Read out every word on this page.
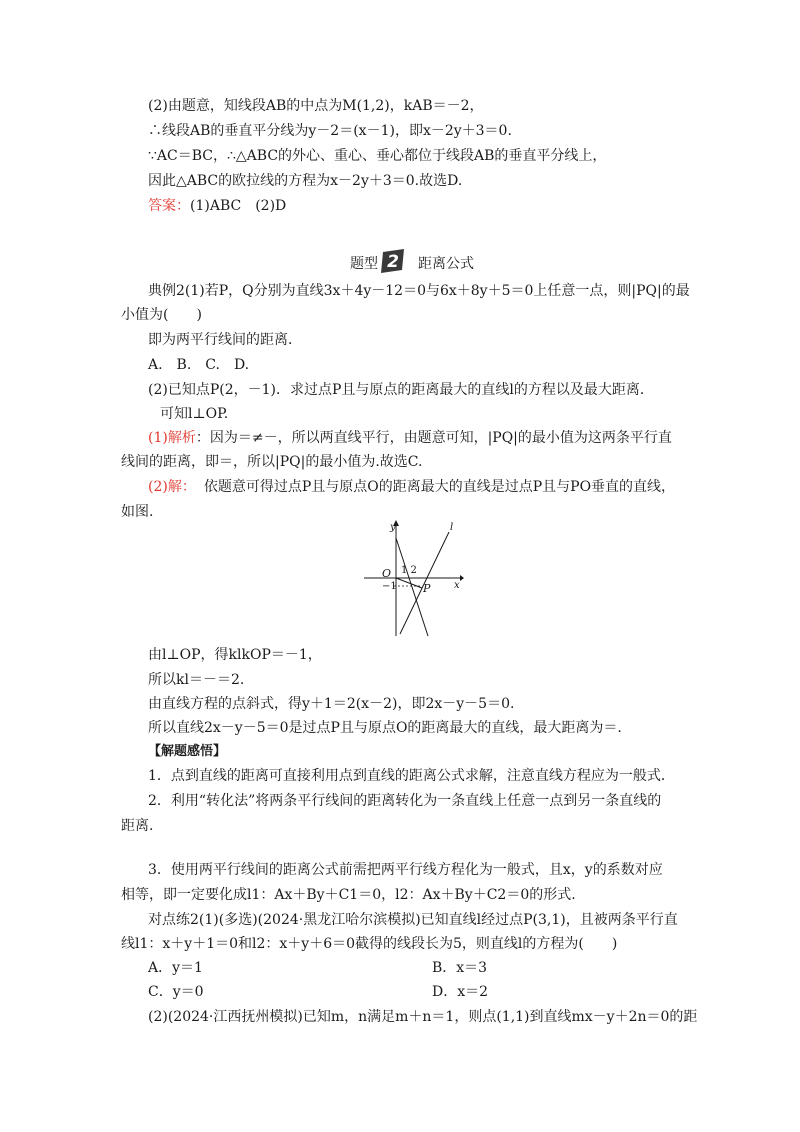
(2)由题意，知线段AB的中点为M(1,2)，kAB＝－2，
∴线段AB的垂直平分线为y－2＝(x－1)，即x－2y＋3＝0.
∵AC＝BC，∴△ABC的外心、重心、垂心都位于线段AB的垂直平分线上，
因此△ABC的欧拉线的方程为x－2y＋3＝0.故选D.
答案：(1)ABC　(2)D
题型 2 距离公式
典例2(1)若P，Q分别为直线3x＋4y－12＝0与6x＋8y＋5＝0上任意一点，则|PQ|的最
小值为(　　)
即为两平行线间的距离．
A.　B.　C.　D.
(2)已知点P(2，－1)．求过点P且与原点的距离最大的直线l的方程以及最大距离．
可知l⊥OP.
(1)解析：因为＝≠－，所以两直线平行，由题意可知，|PQ|的最小值为这两条平行直
线间的距离，即＝，所以|PQ|的最小值为.故选C.
(2)解： 依题意可得过点P且与原点O的距离最大的直线是过点P且与PO垂直的直线，
如图.
y
x
O 1 2
−1 P
l
由l⊥OP，得klkOP＝－1，
所以kl＝－＝2.
由直线方程的点斜式，得y＋1＝2(x－2)，即2x－y－5＝0.
所以直线2x－y－5＝0是过点P且与原点O的距离最大的直线，最大距离为＝.
【解题感悟】
1．点到直线的距离可直接利用点到直线的距离公式求解，注意直线方程应为一般式．
2．利用“转化法”将两条平行线间的距离转化为一条直线上任意一点到另一条直线的
距离.
3．使用两平行线间的距离公式前需把两平行线方程化为一般式，且x，y的系数对应
相等，即一定要化成l1：Ax＋By＋C1＝0，l2：Ax＋By＋C2＝0的形式.
对点练2(1)(多选)(2024·黑龙江哈尔滨模拟)已知直线l经过点P(3,1)，且被两条平行直
线l1：x＋y＋1＝0和l2：x＋y＋6＝0截得的线段长为5，则直线l的方程为(　　)
A．y＝1	B．x＝3
C．y＝0	D．x＝2
(2)(2024·江西抚州模拟)已知m，n满足m＋n＝1，则点(1,1)到直线mx－y＋2n＝0的距
